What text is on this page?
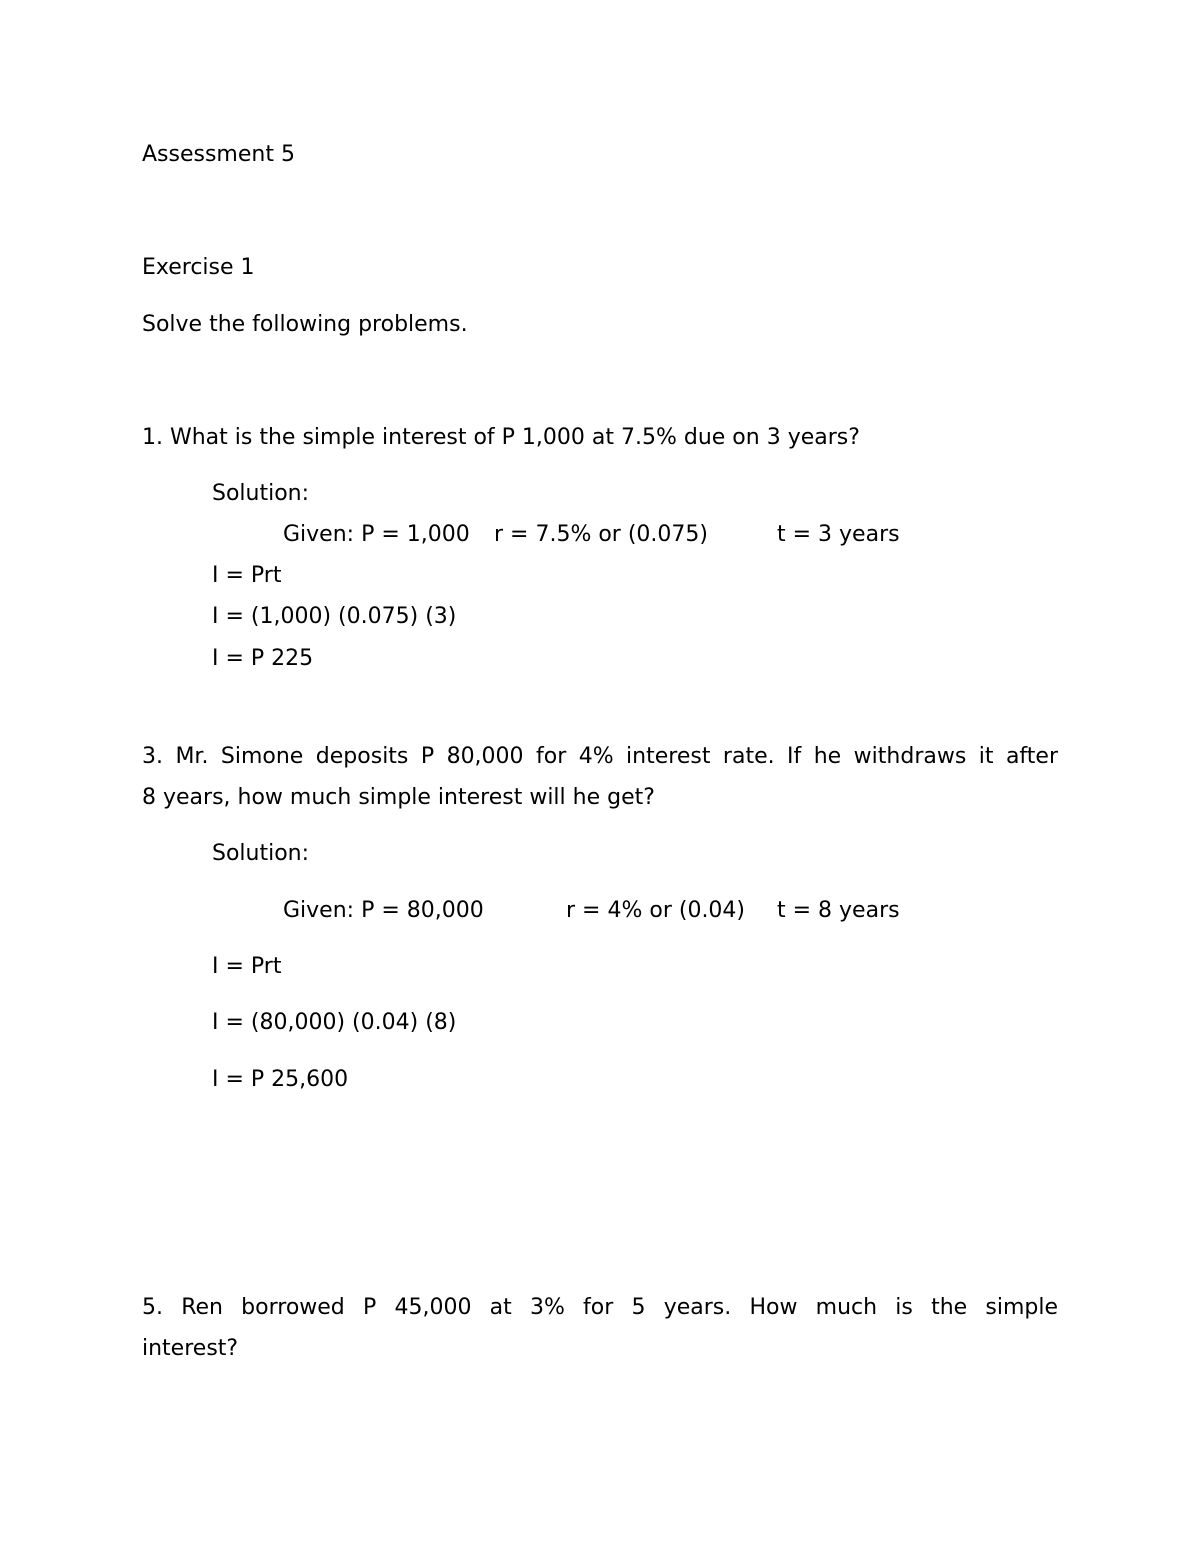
Assessment 5
Exercise 1
Solve the following problems.
1. What is the simple interest of P 1,000 at 7.5% due on 3 years?
Solution:
Given: P = 1,000 r = 7.5% or (0.075)	t = 3 years
I = Prt
I = (1,000) (0.075) (3)
I = P 225
3. Mr. Simone deposits P 80,000 for 4% interest rate. If he withdraws it after
8 years, how much simple interest will he get?
Solution:
Given: P = 80,000	r = 4% or (0.04) t = 8 years
I = Prt
I = (80,000) (0.04) (8)
I = P 25,600
5. Ren borrowed P 45,000 at 3% for 5 years. How much is the simple
interest?
